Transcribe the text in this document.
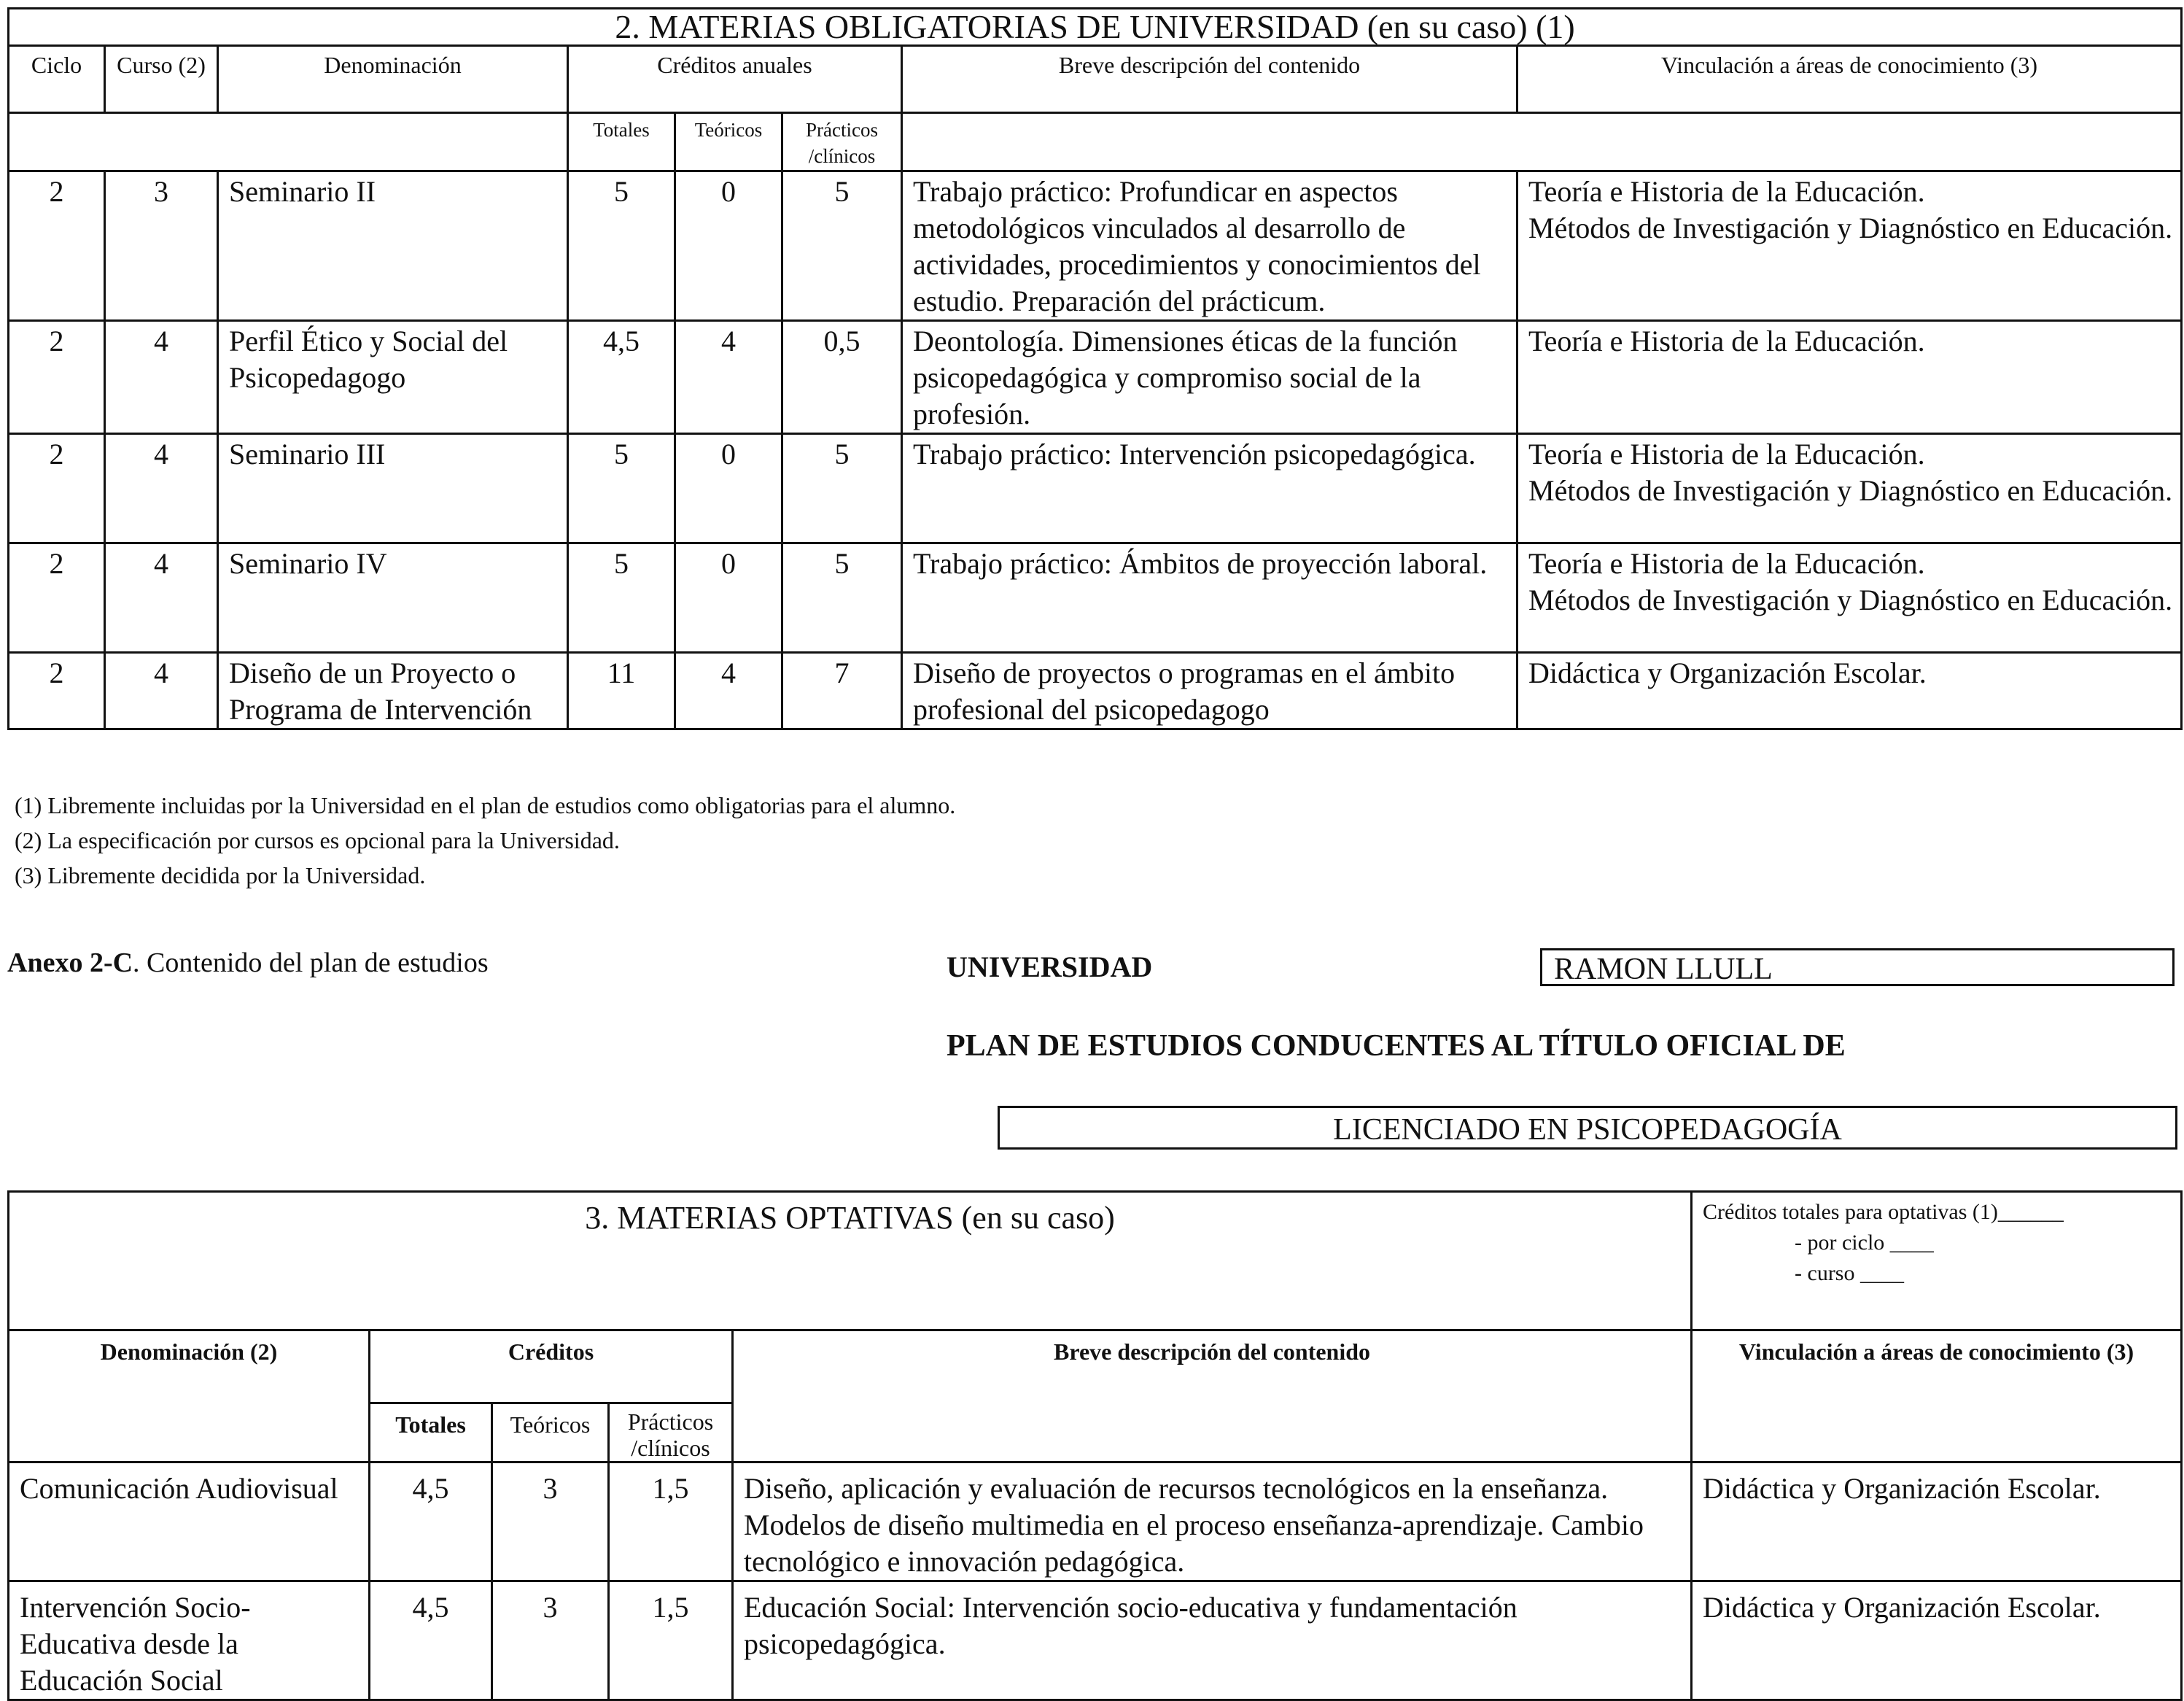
2. MATERIAS OBLIGATORIAS DE UNIVERSIDAD (en su caso) (1)							
Ciclo	Curso (2)	Denominación	Créditos anuales			Breve descripción del contenido	Vinculación a áreas de conocimiento (3)
			Totales	Teóricos	Prácticos /clínicos		
2	3	Seminario II	5	0	5	Trabajo práctico: Profundicar en aspectos metodológicos vinculados al desarrollo de actividades, procedimientos y conocimientos del estudio. Preparación del prácticum.	Teoría e Historia de la Educación.
Métodos de Investigación y Diagnóstico en Educación.

2	4	Perfil Ético y Social del Psicopedagogo	4,5	4	0,5	Deontología. Dimensiones éticas de la función psicopedagógica y compromiso social de la profesión.	Teoría e Historia de la Educación.

2	4	Seminario III	5	0	5	Trabajo práctico: Intervención psicopedagógica.	Teoría e Historia de la Educación.
Métodos de Investigación y Diagnóstico en Educación.

2	4	Seminario IV	5	0	5	Trabajo práctico: Ámbitos de proyección laboral.	Teoría e Historia de la Educación.
Métodos de Investigación y Diagnóstico en Educación.

2	4	Diseño de un Proyecto o Programa de Intervención	11	4	7	Diseño de proyectos o programas en el ámbito profesional del psicopedagogo	Didáctica y Organización Escolar.
(1) Libremente incluidas por la Universidad en el plan de estudios como obligatorias para el alumno.
(2) La especificación por cursos es opcional para la Universidad.
(3) Libremente decidida por la Universidad.
Anexo 2-C. Contenido del plan de estudios	UNIVERSIDAD	RAMON LLULL
PLAN DE ESTUDIOS CONDUCENTES AL TÍTULO OFICIAL DE
LICENCIADO EN PSICOPEDAGOGÍA
3. MATERIAS OPTATIVAS (en su caso)					Créditos totales para optativas (1)______
- por ciclo ____
- curso ____

Denominación (2)	Créditos			Breve descripción del contenido	Vinculación a áreas de conocimiento (3)
	Totales	Teóricos	Prácticos /clínicos		
Comunicación Audiovisual	4,5	3	1,5	Diseño, aplicación y evaluación de recursos tecnológicos en la enseñanza. Modelos de diseño multimedia en el proceso enseñanza-aprendizaje. Cambio tecnológico e innovación pedagógica.	Didáctica y Organización Escolar.
Intervención Socio-Educativa desde la Educación Social	4,5	3	1,5	Educación Social: Intervención socio-educativa y fundamentación psicopedagógica.	Didáctica y Organización Escolar.
